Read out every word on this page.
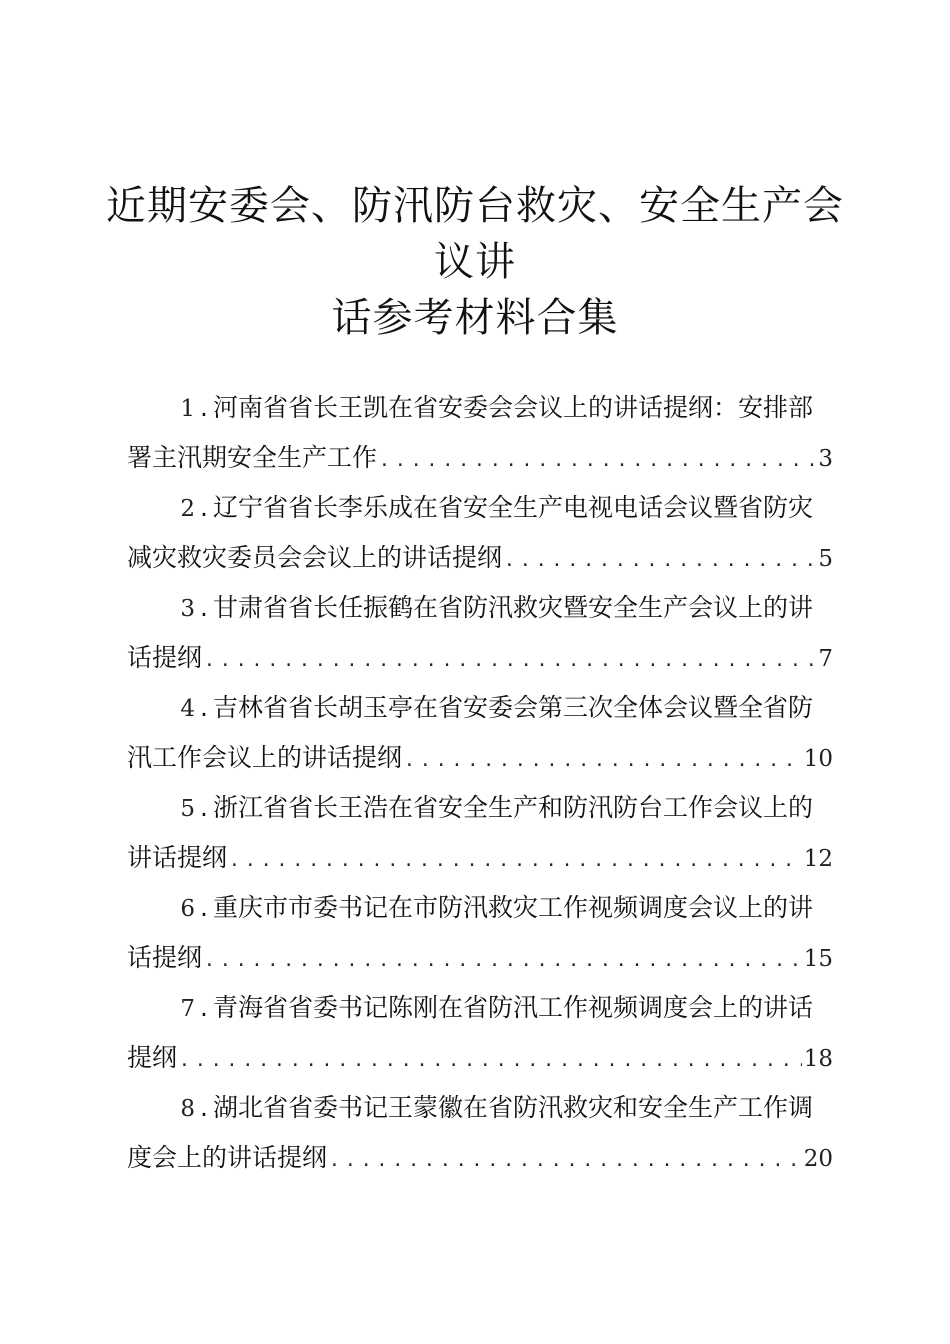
近期安委会、防汛防台救灾、安全生产会议讲
话参考材料合集
1 . 河南省省长王凯在省安委会会议上的讲话提纲：安排部
署主汛期安全生产工作 .....	3
2 . 辽宁省省长李乐成在省安全生产电视电话会议暨省防灾
减灾救灾委员会会议上的讲话提纲 .....	5
3 . 甘肃省省长任振鹤在省防汛救灾暨安全生产会议上的讲
话提纲 .....	7
4 . 吉林省省长胡玉亭在省安委会第三次全体会议暨全省防
汛工作会议上的讲话提纲 .....	10
5 . 浙江省省长王浩在省安全生产和防汛防台工作会议上的
讲话提纲 .....	12
6 . 重庆市市委书记在市防汛救灾工作视频调度会议上的讲
话提纲 .....	15
7 . 青海省省委书记陈刚在省防汛工作视频调度会上的讲话
提纲 .....	18
8 . 湖北省省委书记王蒙徽在省防汛救灾和安全生产工作调
度会上的讲话提纲 .....	20
